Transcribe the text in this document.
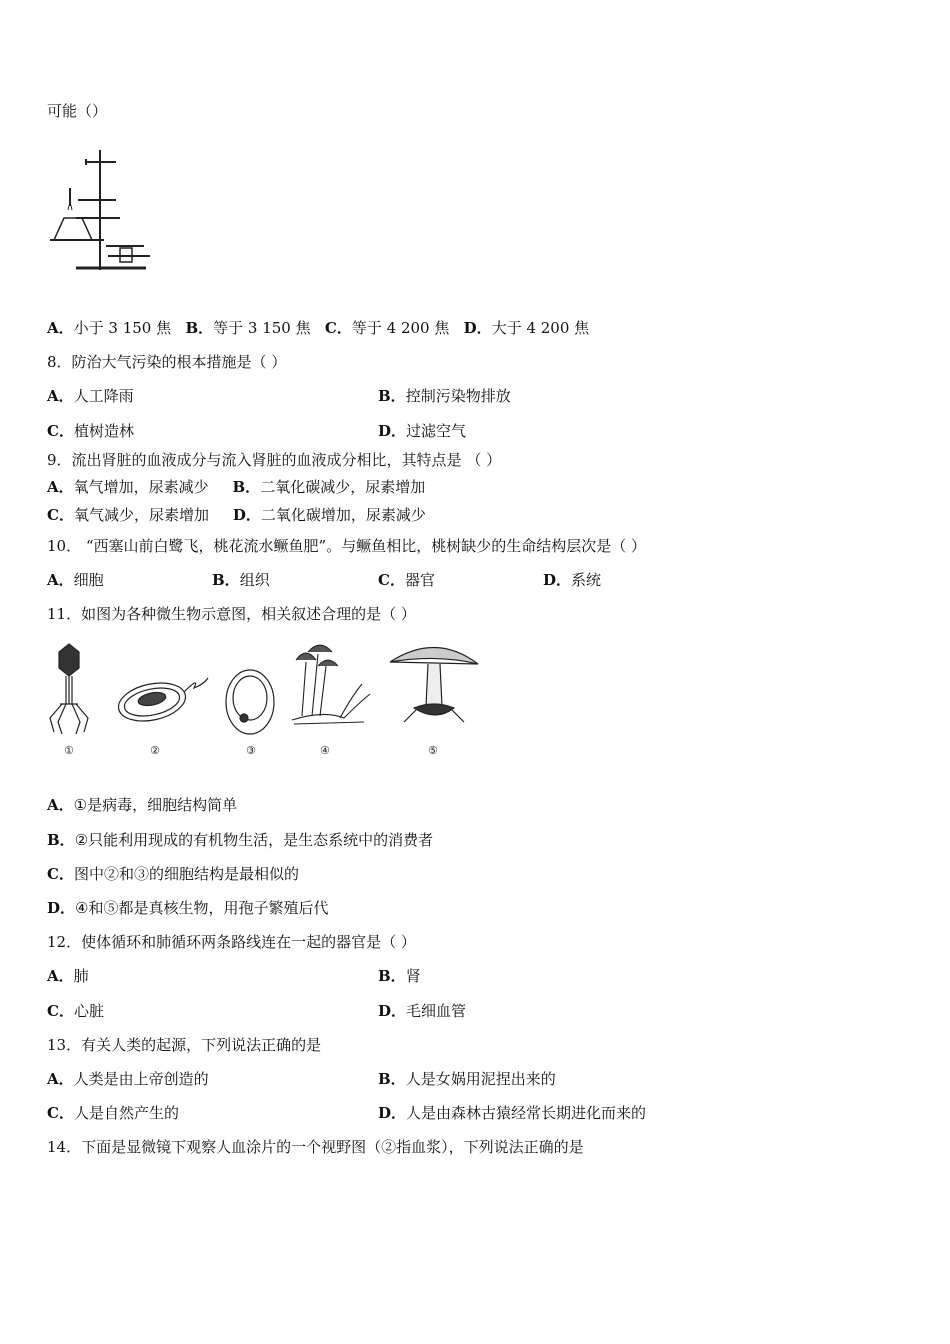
可能（）
A．小于 3 150 焦 B．等于 3 150 焦 C．等于 4 200 焦 D．大于 4 200 焦
8．防治大气污染的根本措施是（ ）
A．人工降雨	B．控制污染物排放
C．植树造林	D．过滤空气
9．流出肾脏的血液成分与流入肾脏的血液成分相比，其特点是 （ ）
A．氧气增加，尿素减少 B．二氧化碳减少，尿素增加
C．氧气减少，尿素增加 D．二氧化碳增加，尿素减少
10． “西塞山前白鹭飞，桃花流水鳜鱼肥”。与鳜鱼相比，桃树缺少的生命结构层次是（ ）
A．细胞	B．组织	C．器官	D．系统
11．如图为各种微生物示意图，相关叙述合理的是（ ）
①	②	③	④	⑤
A．①是病毒，细胞结构简单
B．②只能利用现成的有机物生活，是生态系统中的消费者
C．图中②和③的细胞结构是最相似的
D．④和⑤都是真核生物，用孢子繁殖后代
12．使体循环和肺循环两条路线连在一起的器官是（ ）
A．肺	B．肾
C．心脏	D．毛细血管
13．有关人类的起源，下列说法正确的是
A．人类是由上帝创造的	B．人是女娲用泥捏出来的
C．人是自然产生的	D．人是由森林古猿经常长期进化而来的
14．下面是显微镜下观察人血涂片的一个视野图（②指血浆），下列说法正确的是
